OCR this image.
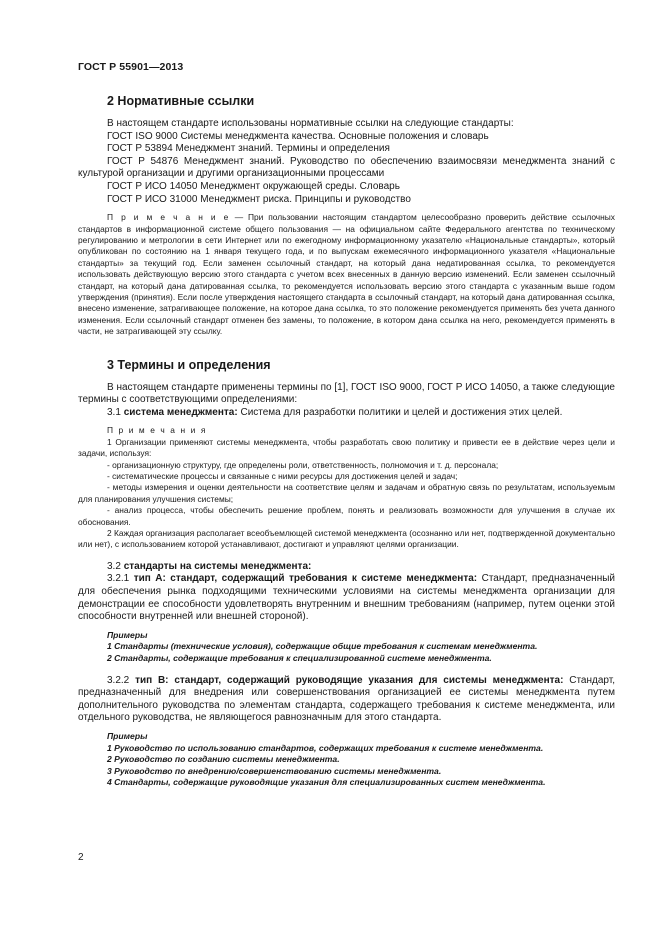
ГОСТ Р 55901—2013
2 Нормативные ссылки

В настоящем стандарте использованы нормативные ссылки на следующие стандарты:

ГОСТ ISO 9000 Системы менеджмента качества. Основные положения и словарь

ГОСТ Р 53894 Менеджмент знаний. Термины и определения

ГОСТ Р 54876 Менеджмент знаний. Руководство по обеспечению взаимосвязи менеджмента знаний с культурой организации и другими организационными процессами

ГОСТ Р ИСО 14050 Менеджмент окружающей среды. Словарь

ГОСТ Р ИСО 31000 Менеджмент риска. Принципы и руководство

П р и м е ч а н и е — При пользовании настоящим стандартом целесообразно проверить действие ссылочных стандартов в информационной системе общего пользования — на официальном сайте Федерального агентства по техническому регулированию и метрологии в сети Интернет или по ежегодному информационному указателю «Национальные стандарты», который опубликован по состоянию на 1 января текущего года, и по выпускам ежемесячного информационного указателя «Национальные стандарты» за текущий год. Если заменен ссылочный стандарт, на который дана недатированная ссылка, то рекомендуется использовать действующую версию этого стандарта с учетом всех внесенных в данную версию изменений. Если заменен ссылочный стандарт, на который дана датированная ссылка, то рекомендуется использовать версию этого стандарта с указанным выше годом утверждения (принятия). Если после утверждения настоящего стандарта в ссылочный стандарт, на который дана датированная ссылка, внесено изменение, затрагивающее положение, на которое дана ссылка, то это положение рекомендуется применять без учета данного изменения. Если ссылочный стандарт отменен без замены, то положение, в котором дана ссылка на него, рекомендуется применять в части, не затрагивающей эту ссылку.

3 Термины и определения

В настоящем стандарте применены термины по [1], ГОСТ ISO 9000, ГОСТ Р ИСО 14050, а также следующие термины с соответствующими определениями:

3.1 система менеджмента: Система для разработки политики и целей и достижения этих целей.

П р и м е ч а н и я

1 Организации применяют системы менеджмента, чтобы разработать свою политику и привести ее в действие через цели и задачи, используя:

- организационную структуру, где определены роли, ответственность, полномочия и т. д. персонала;

- систематические процессы и связанные с ними ресурсы для достижения целей и задач;

- методы измерения и оценки деятельности на соответствие целям и задачам и обратную связь по результатам, используемым для планирования улучшения системы;

- анализ процесса, чтобы обеспечить решение проблем, понять и реализовать возможности для улучшения в случае их обоснования.

2 Каждая организация располагает всеобъемлющей системой менеджмента (осознанно или нет, подтвержденной документально или нет), с использованием которой устанавливают, достигают и управляют целями организации.

3.2 стандарты на системы менеджмента:

3.2.1 тип А: стандарт, содержащий требования к системе менеджмента: Стандарт, предназначенный для обеспечения рынка подходящими техническими условиями на системы менеджмента организации для демонстрации ее способности удовлетворять внутренним и внешним требованиям (например, путем оценки этой способности внутренней или внешней стороной).

Примеры

1 Стандарты (технические условия), содержащие общие требования к системам менеджмента.

2 Стандарты, содержащие требования к специализированной системе менеджмента.

3.2.2 тип В: стандарт, содержащий руководящие указания для системы менеджмента: Стандарт, предназначенный для внедрения или совершенствования организацией ее системы менеджмента путем дополнительного руководства по элементам стандарта, содержащего требования к системе менеджмента, или отдельного руководства, не являющегося равнозначным для этого стандарта.

Примеры

1 Руководство по использованию стандартов, содержащих требования к системе менеджмента.

2 Руководство по созданию системы менеджмента.

3 Руководство по внедрению/совершенствованию системы менеджмента.

4 Стандарты, содержащие руководящие указания для специализированных систем менеджмента.

2
